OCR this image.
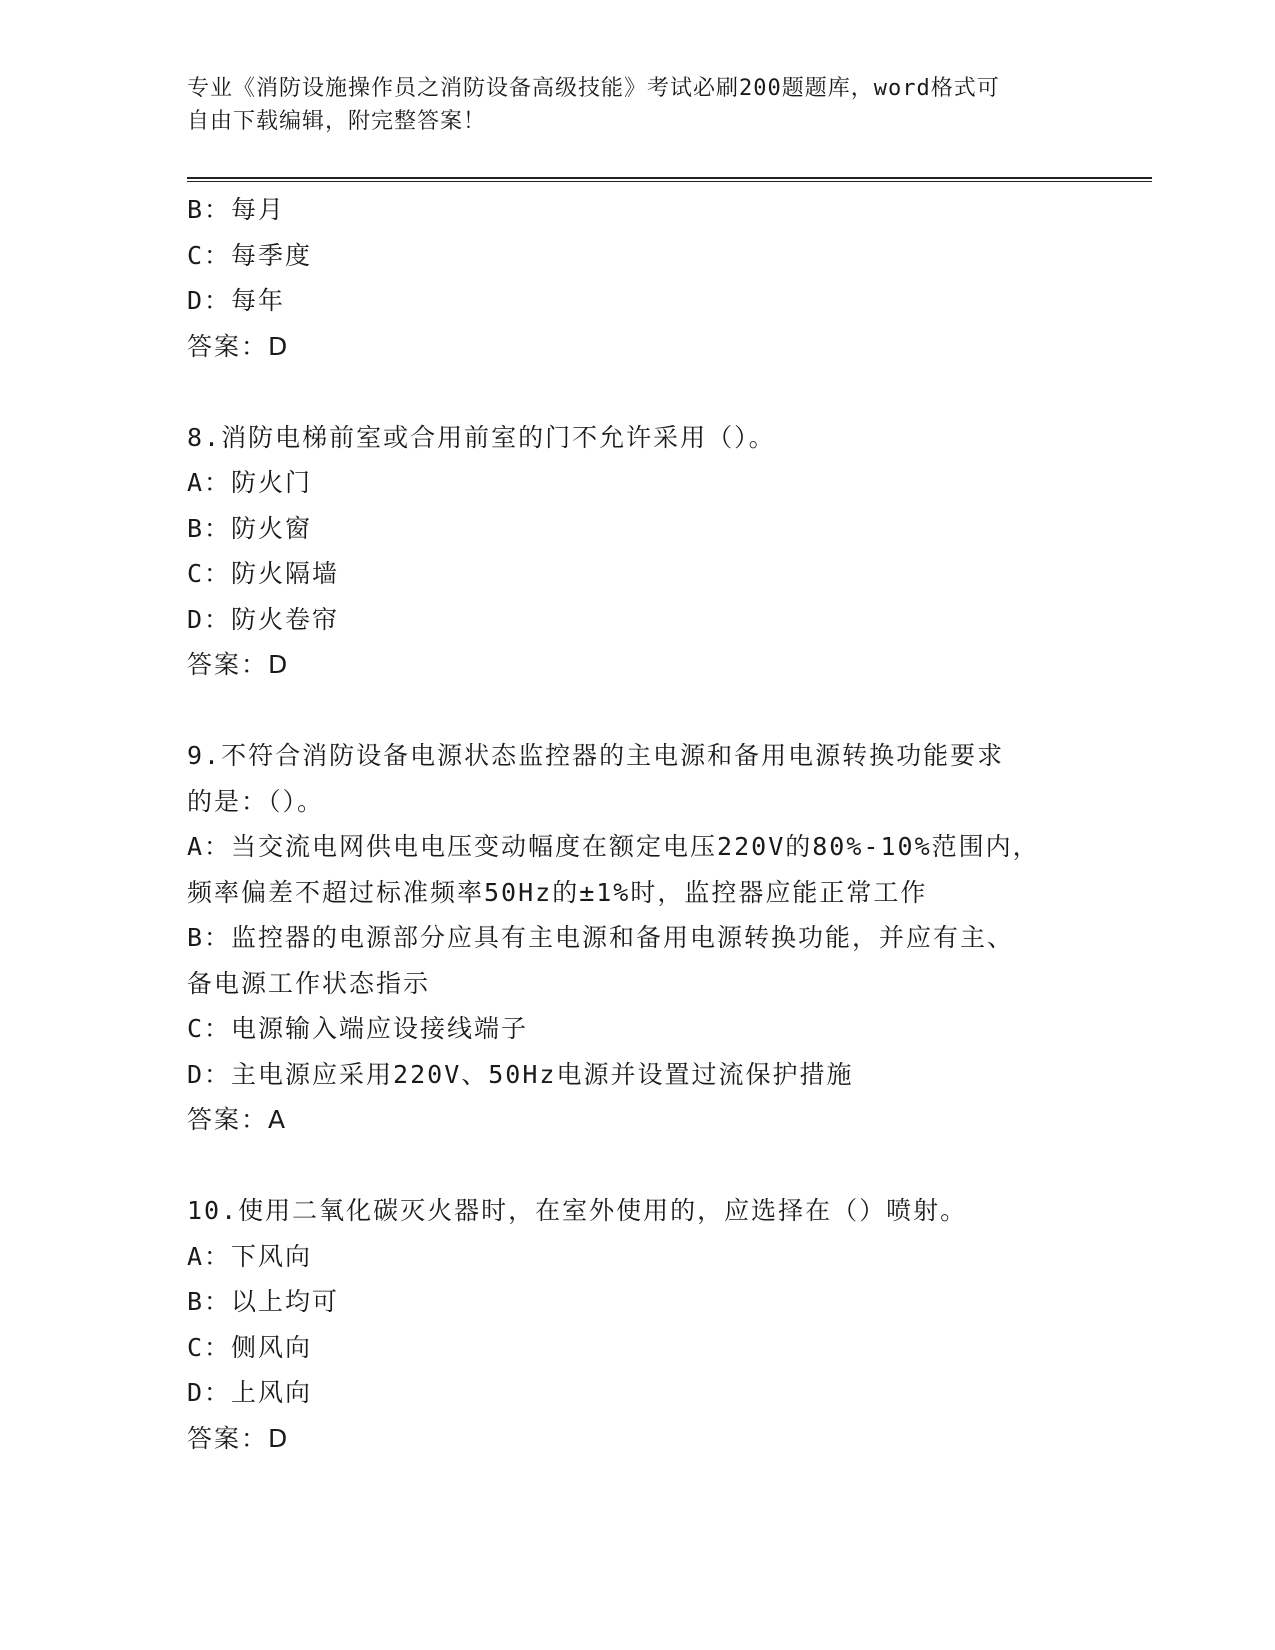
专业《消防设施操作员之消防设备高级技能》考试必刷200题题库，word格式可
自由下载编辑，附完整答案！
B：每月
C：每季度
D：每年
答案：D
8.消防电梯前室或合用前室的门不允许采用（）。
A：防火门
B：防火窗
C：防火隔墙
D：防火卷帘
答案：D
9.不符合消防设备电源状态监控器的主电源和备用电源转换功能要求
的是：（）。
A：当交流电网供电电压变动幅度在额定电压220V的80%-10%范围内，
频率偏差不超过标准频率50Hz的±1%时，监控器应能正常工作
B：监控器的电源部分应具有主电源和备用电源转换功能，并应有主、
备电源工作状态指示
C：电源输入端应设接线端子
D：主电源应采用220V、50Hz电源并设置过流保护措施
答案：A
10.使用二氧化碳灭火器时，在室外使用的，应选择在（）喷射。
A：下风向
B：以上均可
C：侧风向
D：上风向
答案：D
